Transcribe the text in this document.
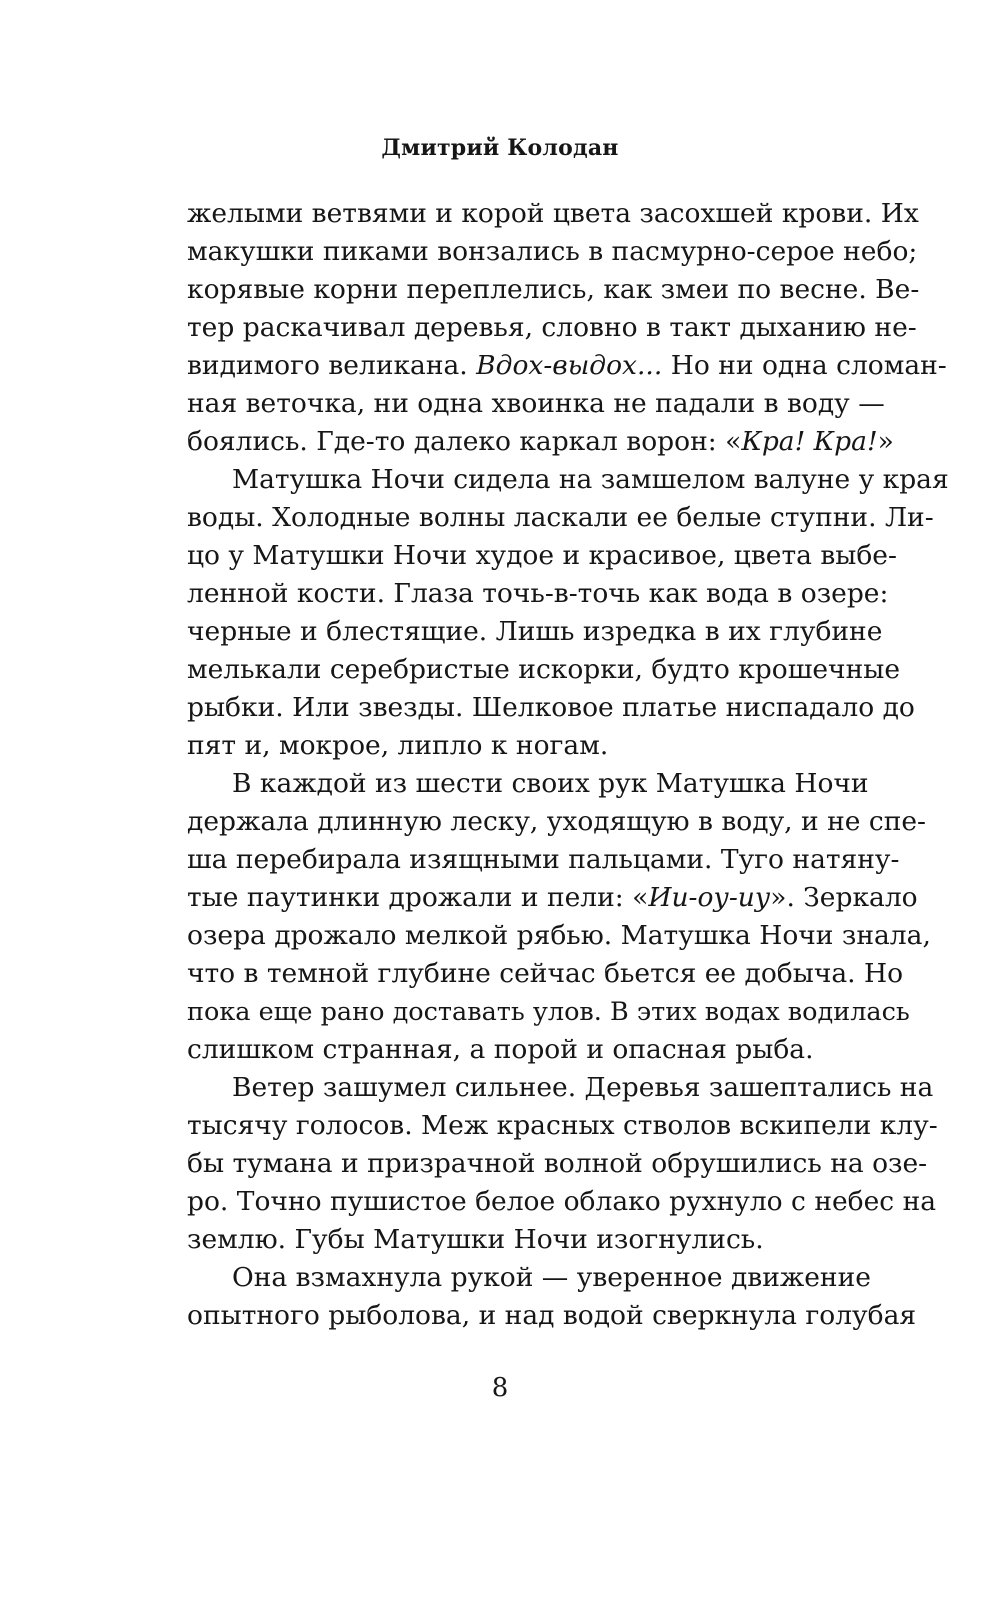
Дмитрий Колодан
желыми ветвями и корой цвета засохшей крови. Их
макушки пиками вонзались в пасмурно-серое небо;
корявые корни переплелись, как змеи по весне. Ве-
тер раскачивал деревья, словно в такт дыханию не-
видимого великана. Вдох-выдох... Но ни одна сломан-
ная веточка, ни одна хвоинка не падали в воду —
боялись. Где-то далеко каркал ворон: «Кра! Кра!»
Матушка Ночи сидела на замшелом валуне у края
воды. Холодные волны ласкали ее белые ступни. Ли-
цо у Матушки Ночи худое и красивое, цвета выбе-
ленной кости. Глаза точь-в-точь как вода в озере:
черные и блестящие. Лишь изредка в их глубине
мелькали серебристые искорки, будто крошечные
рыбки. Или звезды. Шелковое платье ниспадало до
пят и, мокрое, липло к ногам.
В каждой из шести своих рук Матушка Ночи
держала длинную леску, уходящую в воду, и не спе-
ша перебирала изящными пальцами. Туго натяну-
тые паутинки дрожали и пели: «Ии-оу-иу». Зеркало
озера дрожало мелкой рябью. Матушка Ночи знала,
что в темной глубине сейчас бьется ее добыча. Но
пока еще рано доставать улов. В этих водах водилась
слишком странная, а порой и опасная рыба.
Ветер зашумел сильнее. Деревья зашептались на
тысячу голосов. Меж красных стволов вскипели клу-
бы тумана и призрачной волной обрушились на озе-
ро. Точно пушистое белое облако рухнуло с небес на
землю. Губы Матушки Ночи изогнулись.
Она взмахнула рукой — уверенное движение
опытного рыболова, и над водой сверкнула голубая
8
